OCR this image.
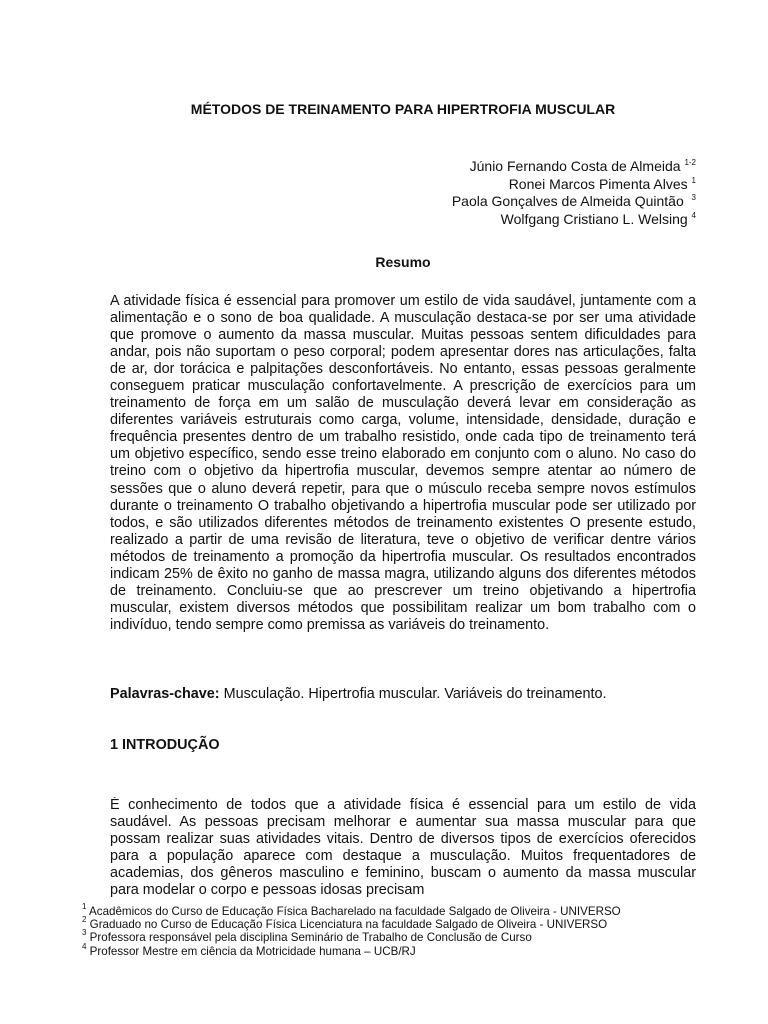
MÉTODOS DE TREINAMENTO PARA HIPERTROFIA MUSCULAR
Júnio Fernando Costa de Almeida $^{1-2}$
Ronei Marcos Pimenta Alves $^1$
Paola Gonçalves de Almeida Quintão $^3$
Wolfgang Cristiano L. Welsing $^4$
Resumo
A atividade física é essencial para promover um estilo de vida saudável, juntamente com a alimentação e o sono de boa qualidade. A musculação destaca-se por ser uma atividade que promove o aumento da massa muscular. Muitas pessoas sentem dificuldades para andar, pois não suportam o peso corporal; podem apresentar dores nas articulações, falta de ar, dor torácica e palpitações desconfortáveis. No entanto, essas pessoas geralmente conseguem praticar musculação confortavelmente. A prescrição de exercícios para um treinamento de força em um salão de musculação deverá levar em consideração as diferentes variáveis estruturais como carga, volume, intensidade, densidade, duração e frequência presentes dentro de um trabalho resistido, onde cada tipo de treinamento terá um objetivo específico, sendo esse treino elaborado em conjunto com o aluno. No caso do treino com o objetivo da hipertrofia muscular, devemos sempre atentar ao número de sessões que o aluno deverá repetir, para que o músculo receba sempre novos estímulos durante o treinamento O trabalho objetivando a hipertrofia muscular pode ser utilizado por todos, e são utilizados diferentes métodos de treinamento existentes O presente estudo, realizado a partir de uma revisão de literatura, teve o objetivo de verificar dentre vários métodos de treinamento a promoção da hipertrofia muscular. Os resultados encontrados indicam 25% de êxito no ganho de massa magra, utilizando alguns dos diferentes métodos de treinamento. Concluiu-se que ao prescrever um treino objetivando a hipertrofia muscular, existem diversos métodos que possibilitam realizar um bom trabalho com o indivíduo, tendo sempre como premissa as variáveis do treinamento.
Palavras-chave: Musculação. Hipertrofia muscular. Variáveis do treinamento.
1 INTRODUÇÃO
É conhecimento de todos que a atividade física é essencial para um estilo de vida saudável. As pessoas precisam melhorar e aumentar sua massa muscular para que possam realizar suas atividades vitais. Dentro de diversos tipos de exercícios oferecidos para a população aparece com destaque a musculação. Muitos frequentadores de academias, dos gêneros masculino e feminino, buscam o aumento da massa muscular para modelar o corpo e pessoas idosas precisam
$^1$ Acadêmicos do Curso de Educação Física Bacharelado na faculdade Salgado de Oliveira - UNIVERSO
$^2$ Graduado no Curso de Educação Física Licenciatura na faculdade Salgado de Oliveira - UNIVERSO
$^3$ Professora responsável pela disciplina Seminário de Trabalho de Conclusão de Curso
$^4$ Professor Mestre em ciência da Motricidade humana – UCB/RJ
